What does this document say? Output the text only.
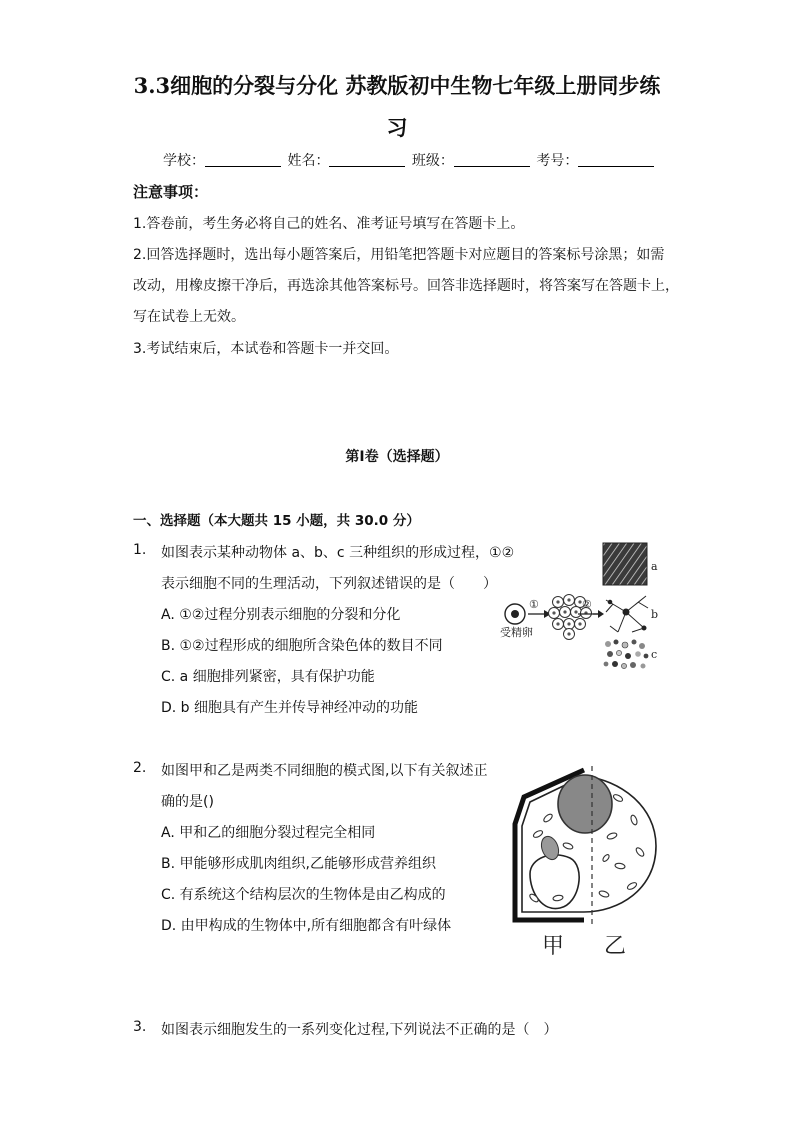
3.3细胞的分裂与分化 苏教版初中生物七年级上册同步练
习
学校：	姓名：	班级：	考号：
注意事项：
1.答卷前，考生务必将自己的姓名、准考证号填写在答题卡上。
2.回答选择题时，选出每小题答案后，用铅笔把答题卡对应题目的答案标号涂黑；如需
改动，用橡皮擦干净后，再选涂其他答案标号。回答非选择题时，将答案写在答题卡上，
写在试卷上无效。
3.考试结束后，本试卷和答题卡一并交回。
第I卷（选择题）
一、选择题（本大题共 15 小题，共 30.0 分）
1. 如图表示某种动物体 a、b、c 三种组织的形成过程，①②
表示细胞不同的生理活动，下列叙述错误的是（　　）
A. ①②过程分别表示细胞的分裂和分化
B. ①②过程形成的细胞所含染色体的数目不同
C. a 细胞排列紧密，具有保护功能
D. b 细胞具有产生并传导神经冲动的功能
受精卵
①	②
a
b
c
2. 如图甲和乙是两类不同细胞的模式图,以下有关叙述正
确的是()
A. 甲和乙的细胞分裂过程完全相同
B. 甲能够形成肌肉组织,乙能够形成营养组织
C. 有系统这个结构层次的生物体是由乙构成的
D. 由甲构成的生物体中,所有细胞都含有叶绿体
甲 乙
3. 如图表示细胞发生的一系列变化过程,下列说法不正确的是（　）
